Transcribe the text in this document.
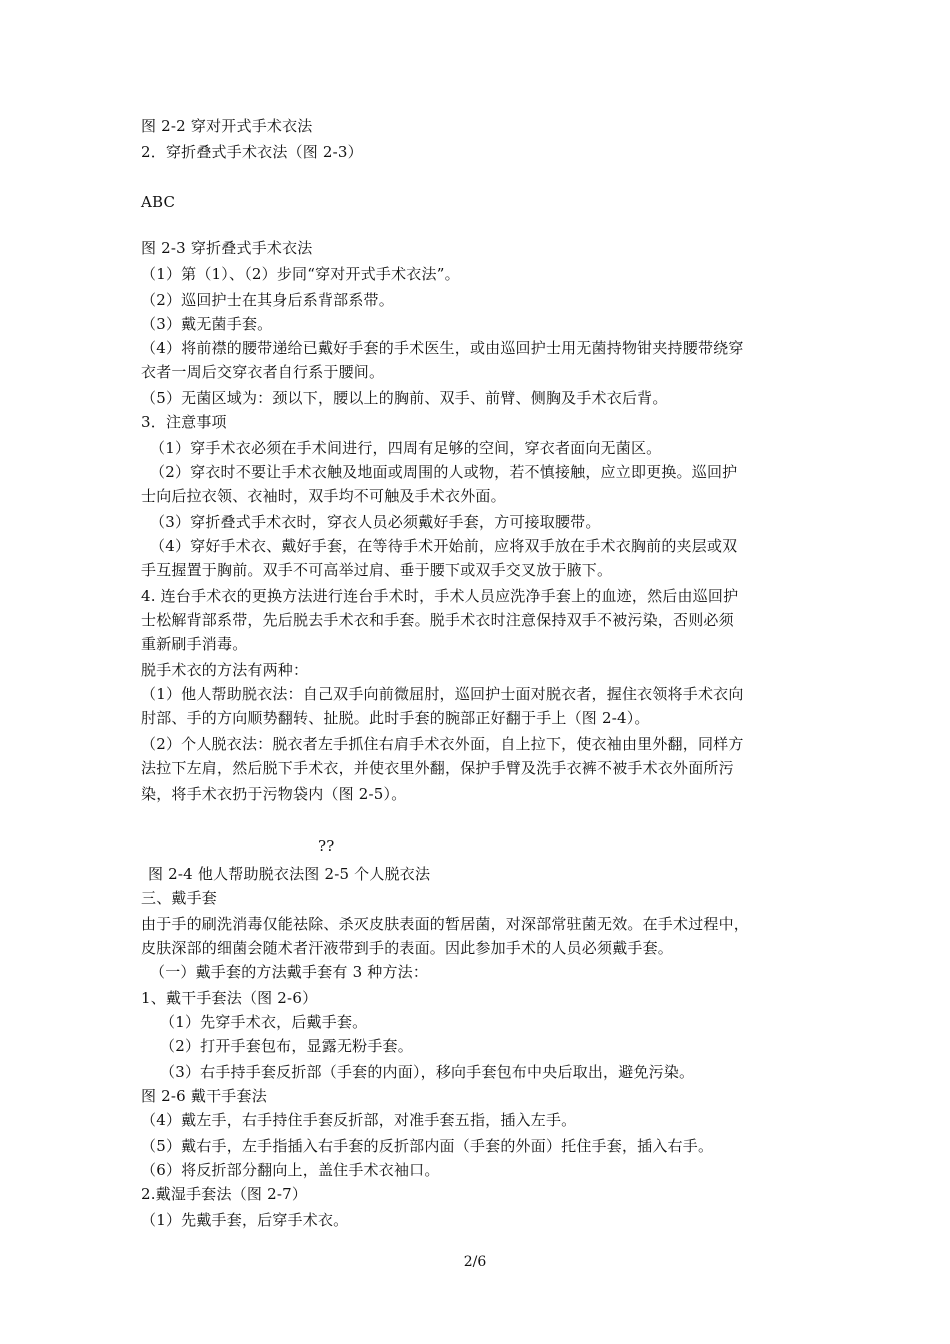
图 2-2 穿对开式手术衣法
2．穿折叠式手术衣法（图 2-3）
ABC
图 2-3 穿折叠式手术衣法
（1）第（1）、（2）步同“穿对开式手术衣法”。
（2）巡回护士在其身后系背部系带。
（3）戴无菌手套。
（4）将前襟的腰带递给已戴好手套的手术医生，或由巡回护士用无菌持物钳夹持腰带绕穿
衣者一周后交穿衣者自行系于腰间。
（5）无菌区域为：颈以下，腰以上的胸前、双手、前臂、侧胸及手术衣后背。
3．注意事项
（1）穿手术衣必须在手术间进行，四周有足够的空间，穿衣者面向无菌区。
（2）穿衣时不要让手术衣触及地面或周围的人或物，若不慎接触，应立即更换。巡回护
士向后拉衣领、衣袖时，双手均不可触及手术衣外面。
（3）穿折叠式手术衣时，穿衣人员必须戴好手套，方可接取腰带。
（4）穿好手术衣、戴好手套，在等待手术开始前，应将双手放在手术衣胸前的夹层或双
手互握置于胸前。双手不可高举过肩、垂于腰下或双手交叉放于腋下。
4. 连台手术衣的更换方法进行连台手术时，手术人员应洗净手套上的血迹，然后由巡回护
士松解背部系带，先后脱去手术衣和手套。脱手术衣时注意保持双手不被污染，否则必须
重新刷手消毒。
脱手术衣的方法有两种：
（1）他人帮助脱衣法：自己双手向前微屈肘，巡回护士面对脱衣者，握住衣领将手术衣向
肘部、手的方向顺势翻转、扯脱。此时手套的腕部正好翻于手上（图 2-4）。
（2）个人脱衣法：脱衣者左手抓住右肩手术衣外面，自上拉下，使衣袖由里外翻，同样方
法拉下左肩，然后脱下手术衣，并使衣里外翻，保护手臂及洗手衣裤不被手术衣外面所污
染，将手术衣扔于污物袋内（图 2-5）。
??
图 2-4 他人帮助脱衣法图 2-5 个人脱衣法
三、戴手套
由于手的刷洗消毒仅能祛除、杀灭皮肤表面的暂居菌，对深部常驻菌无效。在手术过程中，
皮肤深部的细菌会随术者汗液带到手的表面。因此参加手术的人员必须戴手套。
（一）戴手套的方法戴手套有 3 种方法：
1、戴干手套法（图 2-6）
（1）先穿手术衣，后戴手套。
（2）打开手套包布，显露无粉手套。
（3）右手持手套反折部（手套的内面），移向手套包布中央后取出，避免污染。
图 2-6 戴干手套法
（4）戴左手，右手持住手套反折部，对准手套五指，插入左手。
（5）戴右手，左手指插入右手套的反折部内面（手套的外面）托住手套，插入右手。
（6）将反折部分翻向上，盖住手术衣袖口。
2.戴湿手套法（图 2-7）
（1）先戴手套，后穿手术衣。
2/6
